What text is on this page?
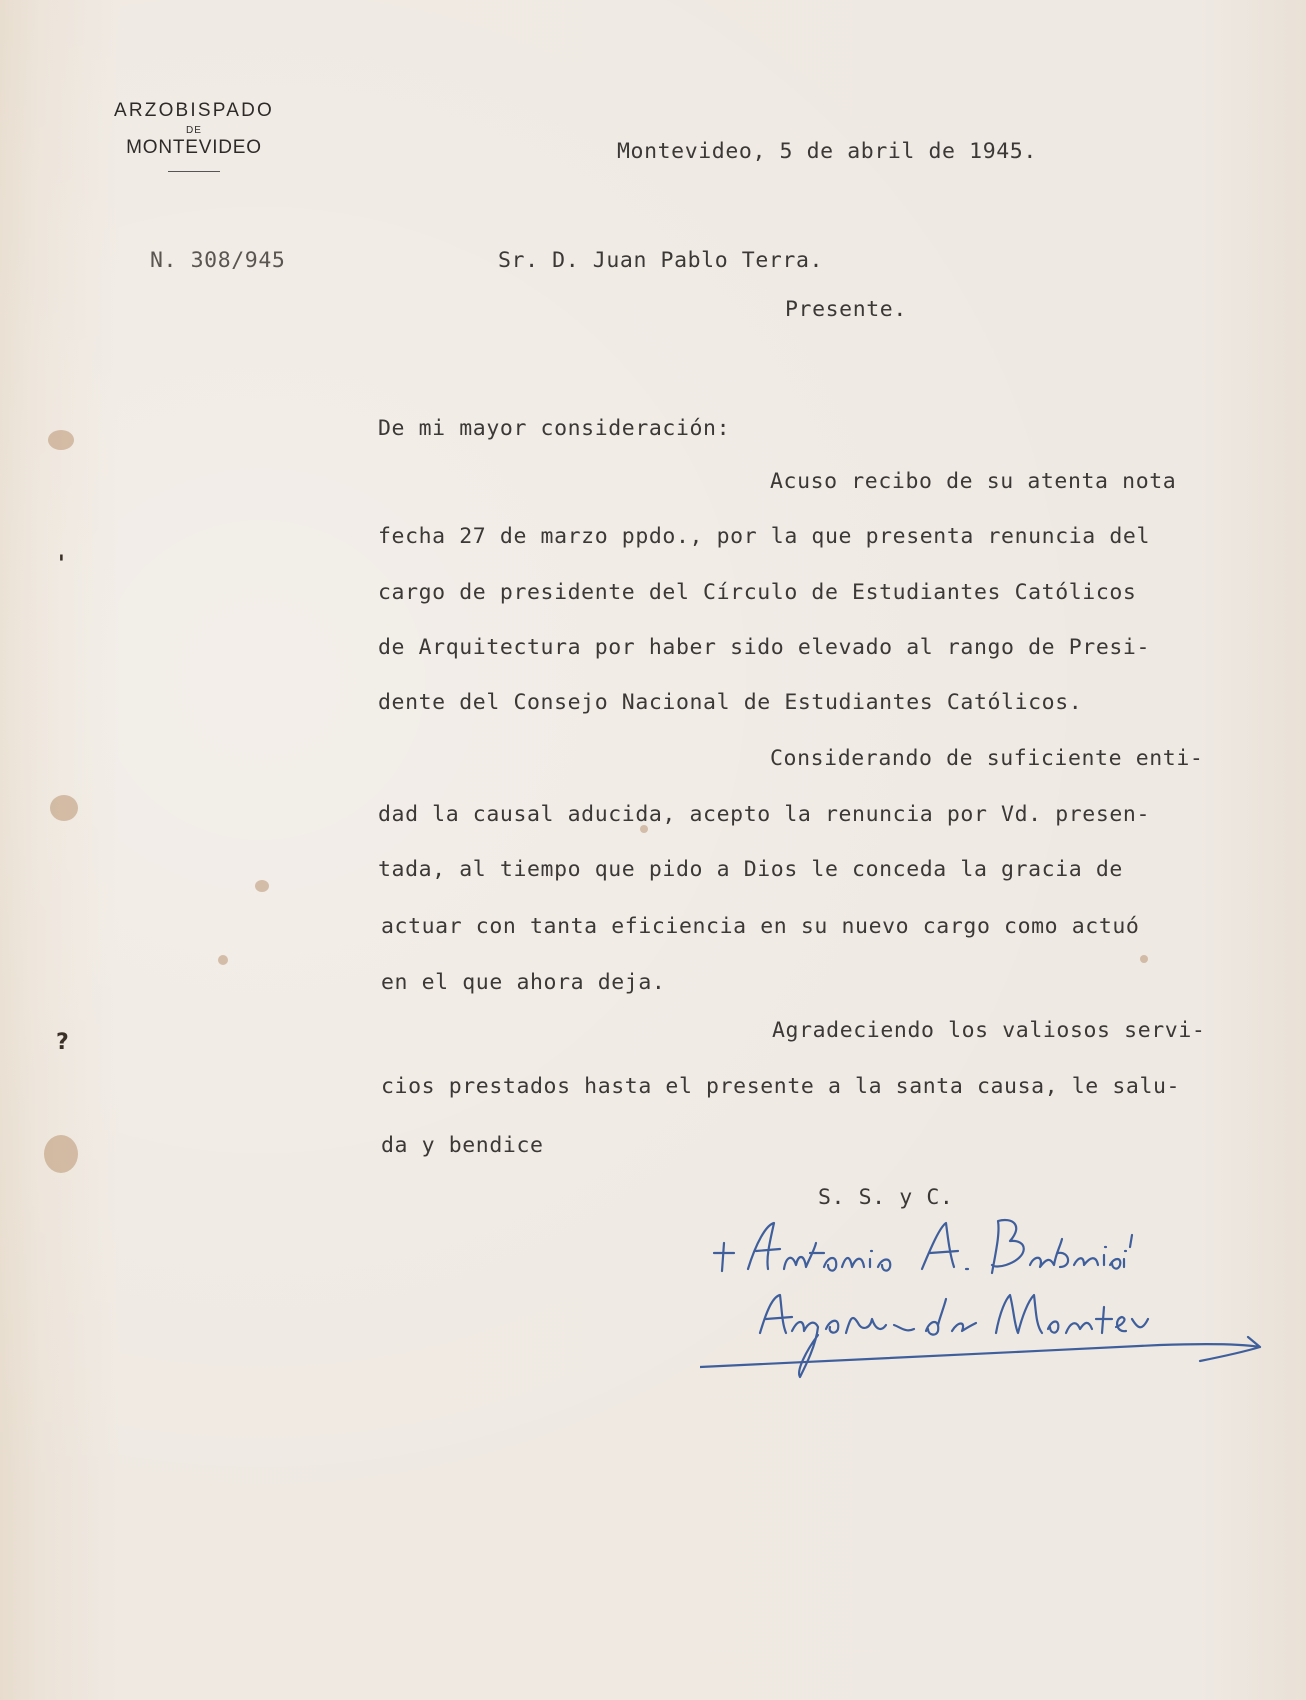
'
?
ARZOBISPADO
DE
MONTEVIDEO
N. 308/945
Montevideo, 5 de abril de 1945.
Sr. D. Juan Pablo Terra.
Presente.
De mi mayor consideración:
Acuso recibo de su atenta nota
fecha 27 de marzo ppdo., por la que presenta renuncia del
cargo de presidente del Círculo de Estudiantes Católicos
de Arquitectura por haber sido elevado al rango de Presi-
dente del Consejo Nacional de Estudiantes Católicos.
Considerando de suficiente enti-
dad la causal aducida, acepto la renuncia por Vd. presen-
tada, al tiempo que pido a Dios le conceda la gracia de
actuar con tanta eficiencia en su nuevo cargo como actuó
en el que ahora deja.
Agradeciendo los valiosos servi-
cios prestados hasta el presente a la santa causa, le salu-
da y bendice
S. S. y C.
